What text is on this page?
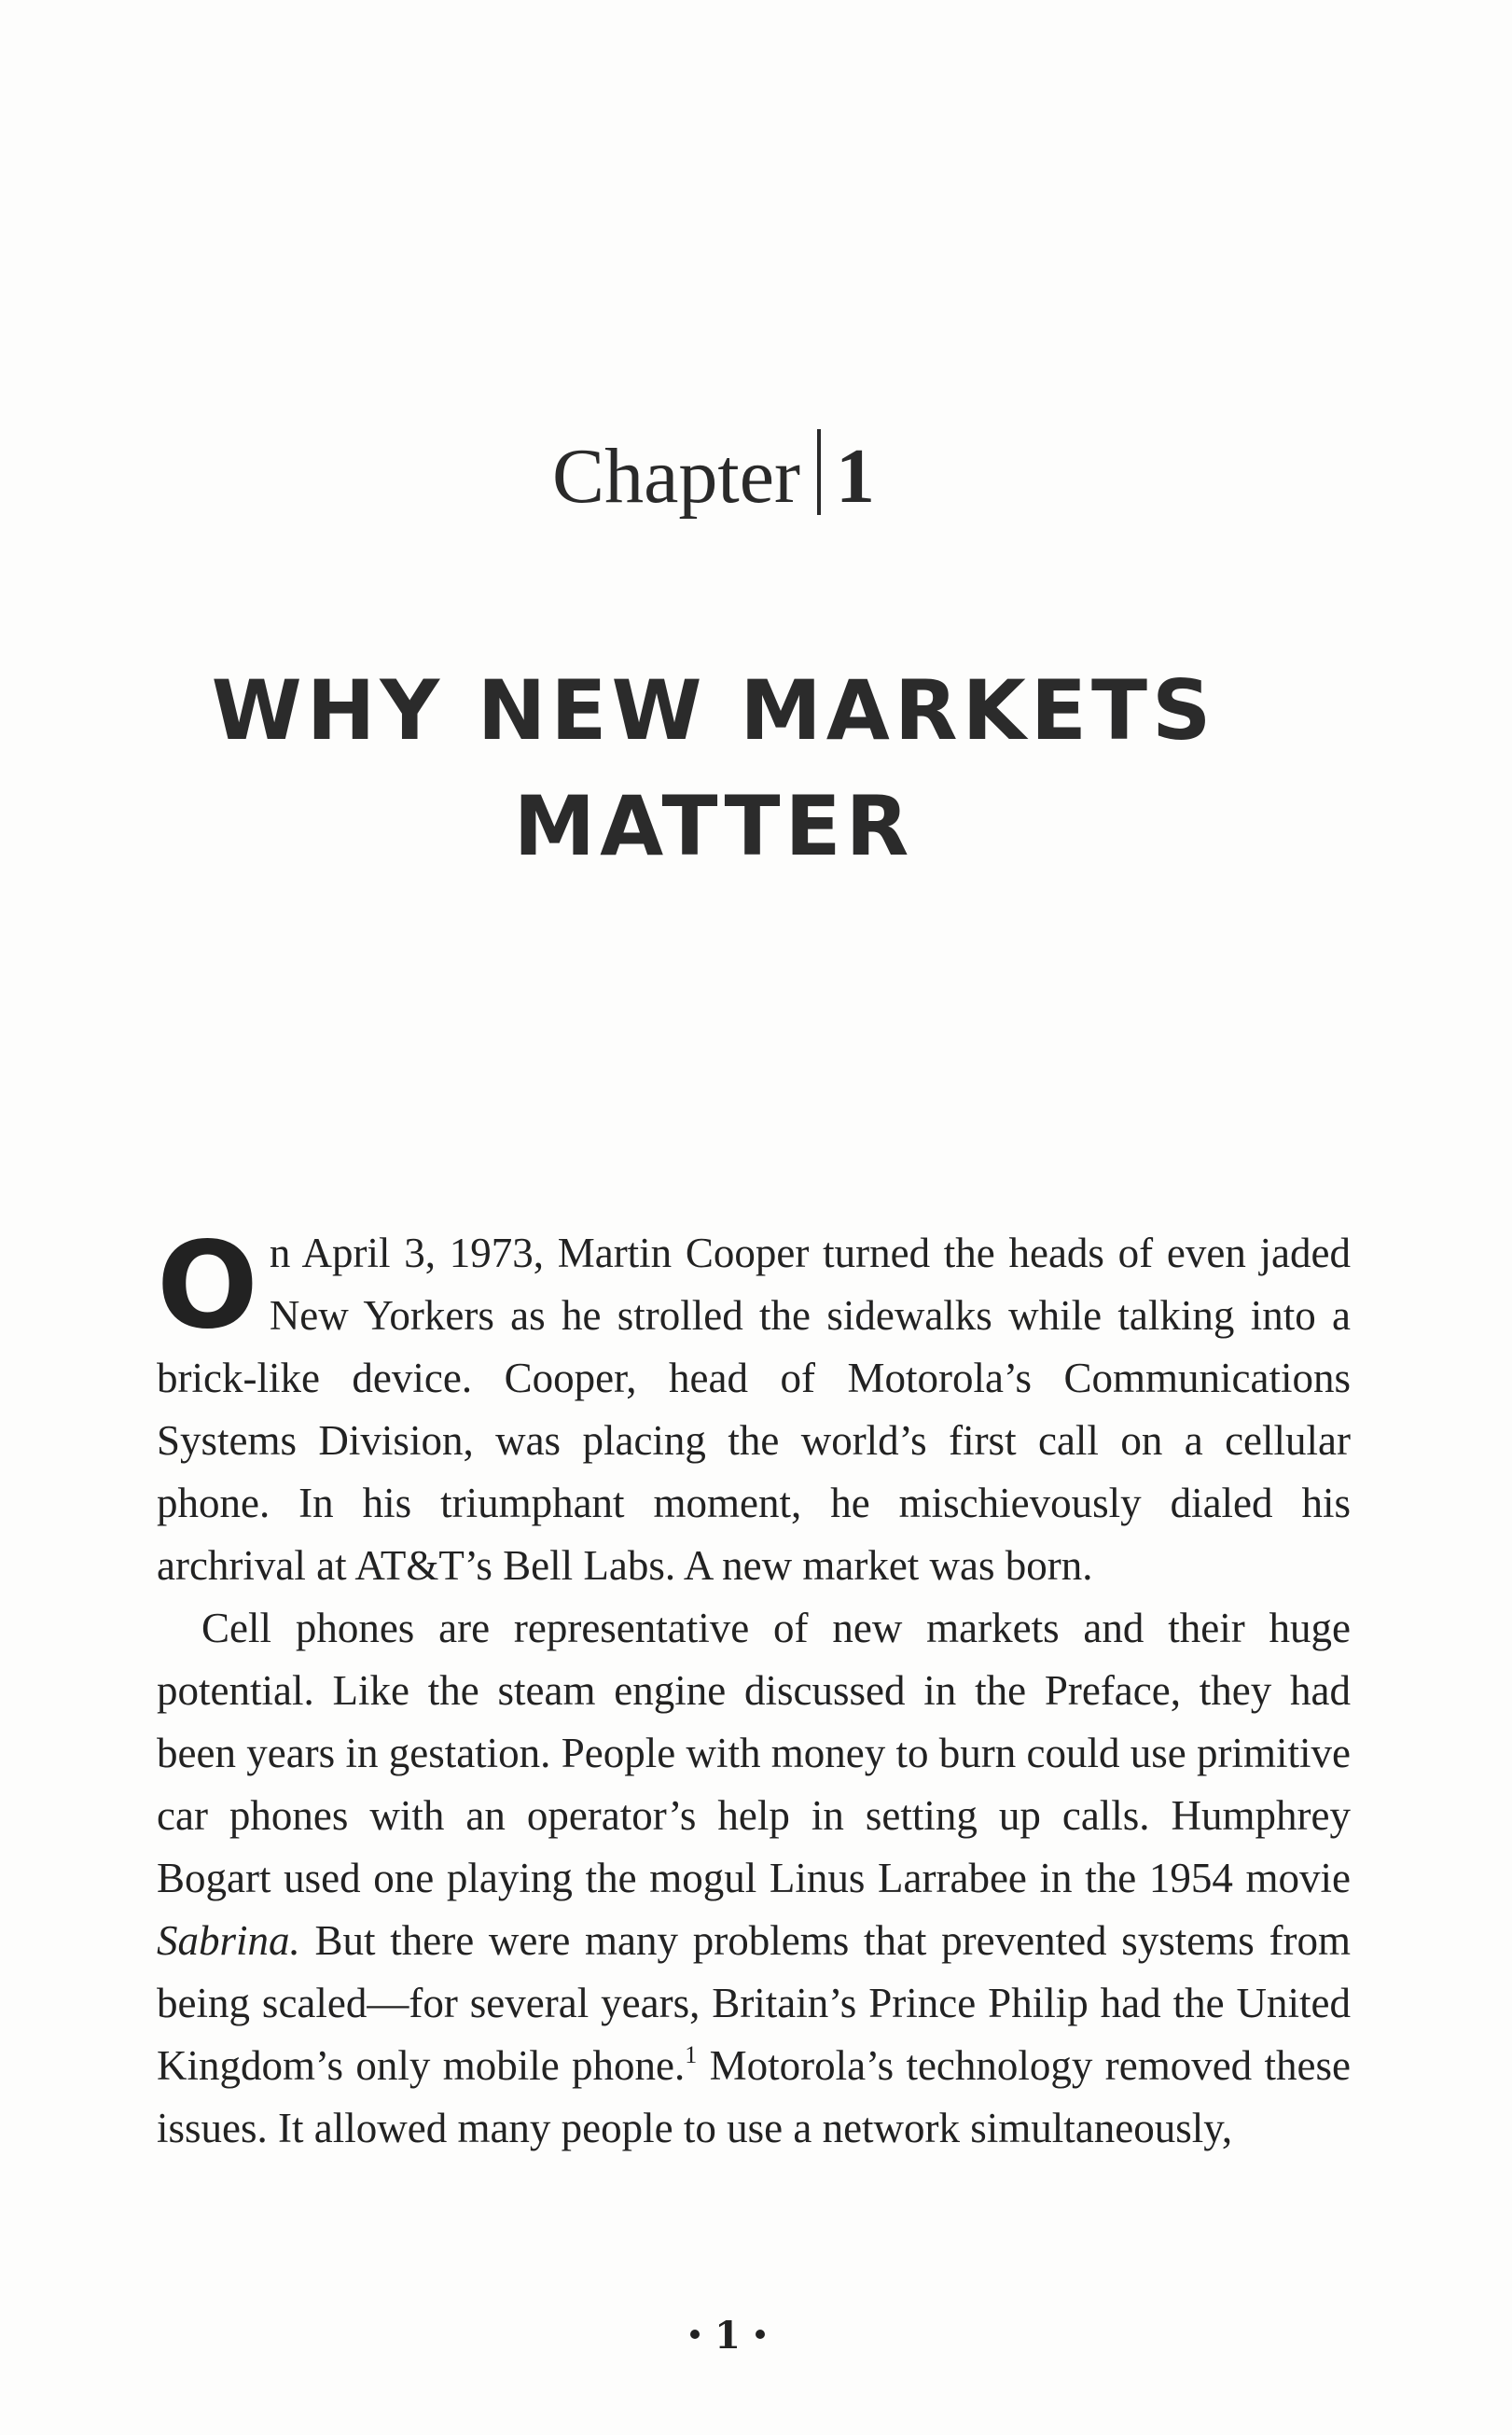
Chapter 1
WHY NEW MARKETS
MATTER

On April 3, 1973, Martin Cooper turned the heads of even jaded New Yorkers as he strolled the sidewalks while talking into a brick-like device. Cooper, head of Motorola’s Communications Systems Division, was placing the world’s first call on a cellular phone. In his triumphant moment, he mischievously dialed his archrival at AT&T’s Bell Labs. A new market was born.

Cell phones are representative of new markets and their huge potential. Like the steam engine discussed in the Preface, they had been years in gestation. People with money to burn could use primitive car phones with an operator’s help in setting up calls. Humphrey Bogart used one playing the mogul Linus Larrabee in the 1954 movie Sabrina. But there were many problems that prevented systems from being scaled—for several years, Britain’s Prince Philip had the United Kingdom’s only mobile phone.$^1$ Motorola’s technology removed these issues. It allowed many people to use a network simultaneously,

1
